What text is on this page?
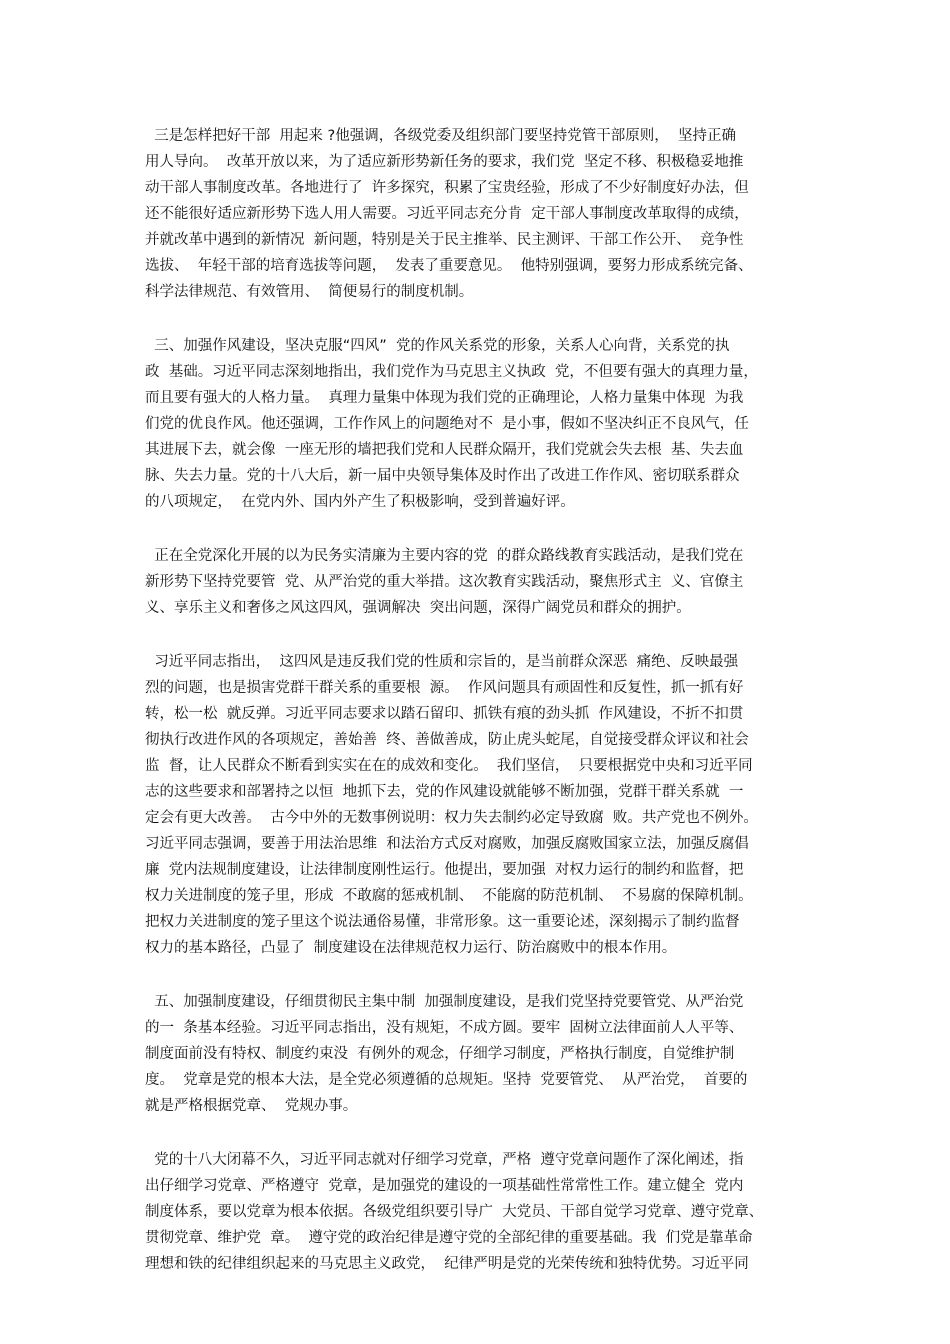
三是怎样把好干部  用起来 ?他强调，各级党委及组织部门要坚持党管干部原则，  坚持正确
用人导向。  改革开放以来，为了适应新形势新任务的要求，我们党  坚定不移、积极稳妥地推
动干部人事制度改革。各地进行了  许多探究，积累了宝贵经验，形成了不少好制度好办法，但
还不能很好适应新形势下选人用人需要。习近平同志充分肯  定干部人事制度改革取得的成绩，
并就改革中遇到的新情况  新问题，特别是关于民主推举、民主测评、干部工作公开、  竞争性
选拔、  年轻干部的培育选拔等问题，  发表了重要意见。  他特别强调，要努力形成系统完备、
科学法律规范、有效管用、  简便易行的制度机制。
三、加强作风建设，坚决克服“四风”  党的作风关系党的形象，关系人心向背，关系党的执
政  基础。习近平同志深刻地指出，我们党作为马克思主义执政  党，不但要有强大的真理力量，
而且要有强大的人格力量。  真理力量集中体现为我们党的正确理论，人格力量集中体现  为我
们党的优良作风。他还强调，工作作风上的问题绝对不  是小事，假如不坚决纠正不良风气，任
其进展下去，就会像  一座无形的墙把我们党和人民群众隔开，我们党就会失去根  基、失去血
脉、失去力量。党的十八大后，新一届中央领导集体及时作出了改进工作作风、密切联系群众
的八项规定，  在党内外、国内外产生了积极影响，受到普遍好评。
正在全党深化开展的以为民务实清廉为主要内容的党  的群众路线教育实践活动，是我们党在
新形势下坚持党要管  党、从严治党的重大举措。这次教育实践活动，聚焦形式主  义、官僚主
义、享乐主义和奢侈之风这四风，强调解决  突出问题，深得广阔党员和群众的拥护。
习近平同志指出，  这四风是违反我们党的性质和宗旨的，是当前群众深恶  痛绝、反映最强
烈的问题，也是损害党群干群关系的重要根  源。  作风问题具有顽固性和反复性，抓一抓有好
转，松一松  就反弹。习近平同志要求以踏石留印、抓铁有痕的劲头抓  作风建设，不折不扣贯
彻执行改进作风的各项规定，善始善  终、善做善成，防止虎头蛇尾，自觉接受群众评议和社会
监  督，让人民群众不断看到实实在在的成效和变化。  我们坚信，  只要根据党中央和习近平同
志的这些要求和部署持之以恒  地抓下去，党的作风建设就能够不断加强，党群干群关系就  一
定会有更大改善。  古今中外的无数事例说明：权力失去制约必定导致腐  败。共产党也不例外。
习近平同志强调，要善于用法治思维  和法治方式反对腐败，加强反腐败国家立法，加强反腐倡
廉  党内法规制度建设，让法律制度刚性运行。他提出，要加强  对权力运行的制约和监督，把
权力关进制度的笼子里，形成  不敢腐的惩戒机制、  不能腐的防范机制、  不易腐的保障机制。
把权力关进制度的笼子里这个说法通俗易懂，非常形象。这一重要论述，深刻揭示了制约监督
权力的基本路径，凸显了  制度建设在法律规范权力运行、防治腐败中的根本作用。
五、加强制度建设，仔细贯彻民主集中制  加强制度建设，是我们党坚持党要管党、从严治党
的一  条基本经验。习近平同志指出，没有规矩，不成方圆。要牢  固树立法律面前人人平等、
制度面前没有特权、制度约束没  有例外的观念，仔细学习制度，严格执行制度，自觉维护制
度。  党章是党的根本大法，是全党必须遵循的总规矩。坚持  党要管党、  从严治党，  首要的
就是严格根据党章、  党规办事。
党的十八大闭幕不久，习近平同志就对仔细学习党章，严格  遵守党章问题作了深化阐述，指
出仔细学习党章、严格遵守  党章，是加强党的建设的一项基础性常常性工作。建立健全  党内
制度体系，要以党章为根本依据。各级党组织要引导广  大党员、干部自觉学习党章、遵守党章、
贯彻党章、维护党  章。  遵守党的政治纪律是遵守党的全部纪律的重要基础。我  们党是靠革命
理想和铁的纪律组织起来的马克思主义政党，  纪律严明是党的光荣传统和独特优势。习近平同
